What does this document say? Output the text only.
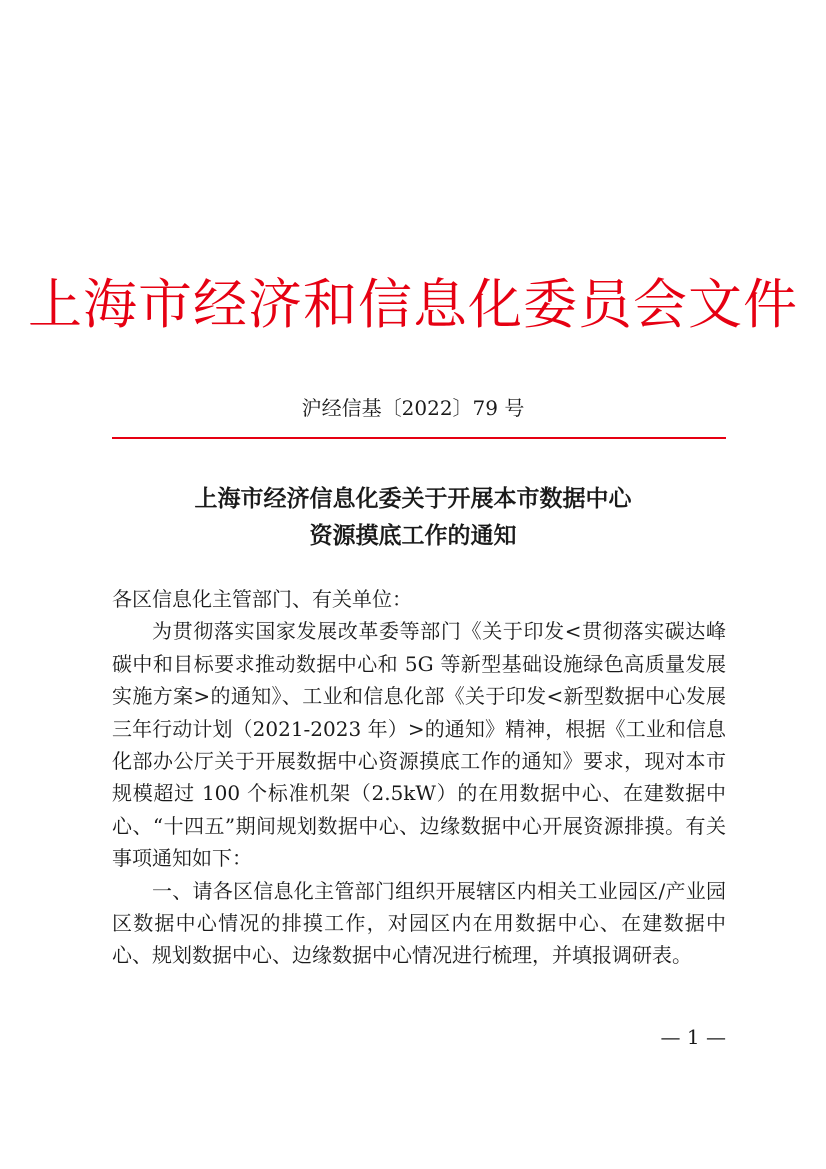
上海市经济和信息化委员会文件
沪经信基〔2022〕79 号
上海市经济信息化委关于开展本市数据中心
资源摸底工作的通知

各区信息化主管部门、有关单位：

为贯彻落实国家发展改革委等部门《关于印发<贯彻落实碳达峰碳中和目标要求推动数据中心和 5G 等新型基础设施绿色高质量发展实施方案>的通知》、工业和信息化部《关于印发<新型数据中心发展三年行动计划（2021-2023 年）>的通知》精神，根据《工业和信息化部办公厅关于开展数据中心资源摸底工作的通知》要求，现对本市规模超过 100 个标准机架（2.5kW）的在用数据中心、在建数据中心、“十四五”期间规划数据中心、边缘数据中心开展资源排摸。有关事项通知如下：

一、请各区信息化主管部门组织开展辖区内相关工业园区/产业园区数据中心情况的排摸工作，对园区内在用数据中心、在建数据中心、规划数据中心、边缘数据中心情况进行梳理，并填报调研表。

— 1 —
